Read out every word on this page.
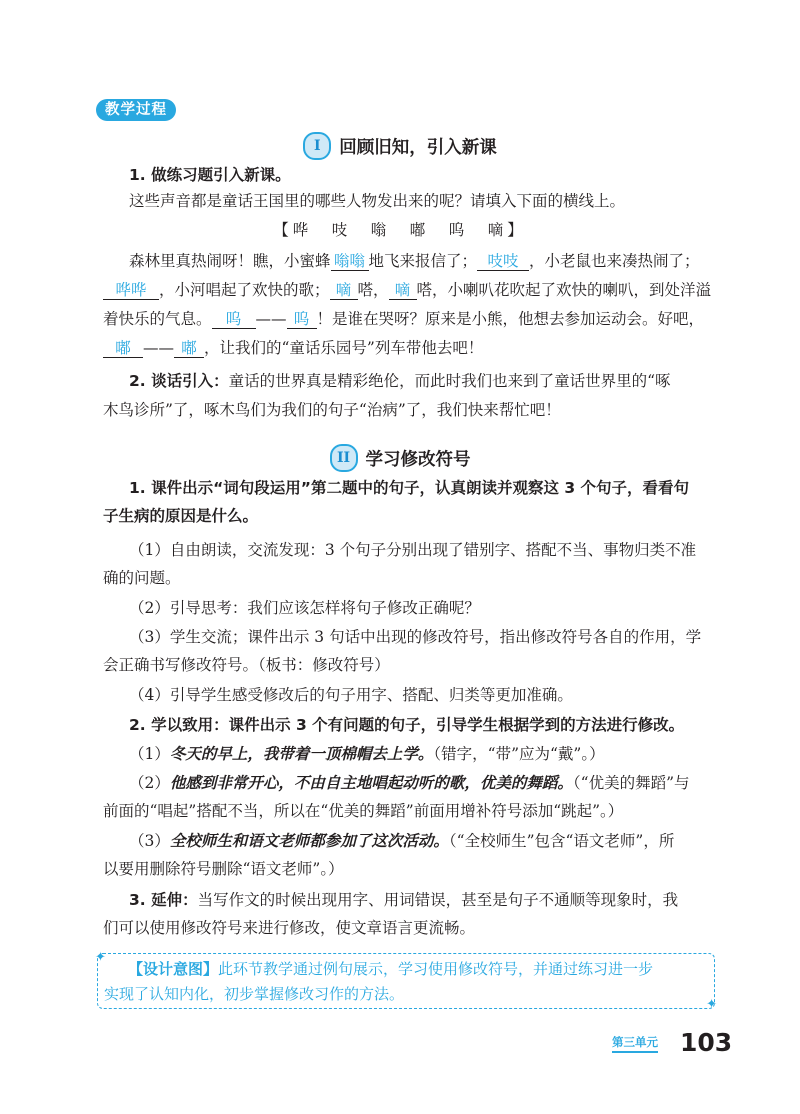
教学过程
I	回顾旧知，引入新课
1. 做练习题引入新课。
这些声音都是童话王国里的哪些人物发出来的呢？请填入下面的横线上。
【哗　吱　嗡　嘟　呜　嘀】
森林里真热闹呀！瞧，小蜜蜂 嗡嗡 地飞来报信了； 吱吱 ，小老鼠也来凑热闹了；
哗哗 ，小河唱起了欢快的歌； 嘀 嗒， 嘀 嗒，小喇叭花吹起了欢快的喇叭，到处洋溢
着快乐的气息。 呜 —— 呜 ！是谁在哭呀？原来是小熊，他想去参加运动会。好吧，
嘟 —— 嘟 ，让我们的“童话乐园号”列车带他去吧！
2. 谈话引入：童话的世界真是精彩绝伦，而此时我们也来到了童话世界里的“啄
木鸟诊所”了，啄木鸟们为我们的句子“治病”了，我们快来帮忙吧！
II 学习修改符号
1. 课件出示“词句段运用”第二题中的句子，认真朗读并观察这 3 个句子，看看句
子生病的原因是什么。
（1）自由朗读，交流发现：3 个句子分别出现了错别字、搭配不当、事物归类不准
确的问题。
（2）引导思考：我们应该怎样将句子修改正确呢？
（3）学生交流；课件出示 3 句话中出现的修改符号，指出修改符号各自的作用，学
会正确书写修改符号。（板书：修改符号）
（4）引导学生感受修改后的句子用字、搭配、归类等更加准确。
2. 学以致用：课件出示 3 个有问题的句子，引导学生根据学到的方法进行修改。
（1）冬天的早上，我带着一顶棉帽去上学。（错字，“带”应为“戴”。）
（2）他感到非常开心，不由自主地唱起动听的歌，优美的舞蹈。（“优美的舞蹈”与
前面的“唱起”搭配不当，所以在“优美的舞蹈”前面用增补符号添加“跳起”。）
（3）全校师生和语文老师都参加了这次活动。（“全校师生”包含“语文老师”，所
以要用删除符号删除“语文老师”。）
3. 延伸：当写作文的时候出现用字、用词错误，甚至是句子不通顺等现象时，我
们可以使用修改符号来进行修改，使文章语言更流畅。
✦
✦
【设计意图】此环节教学通过例句展示，学习使用修改符号，并通过练习进一步
实现了认知内化，初步掌握修改习作的方法。
第三单元 103
